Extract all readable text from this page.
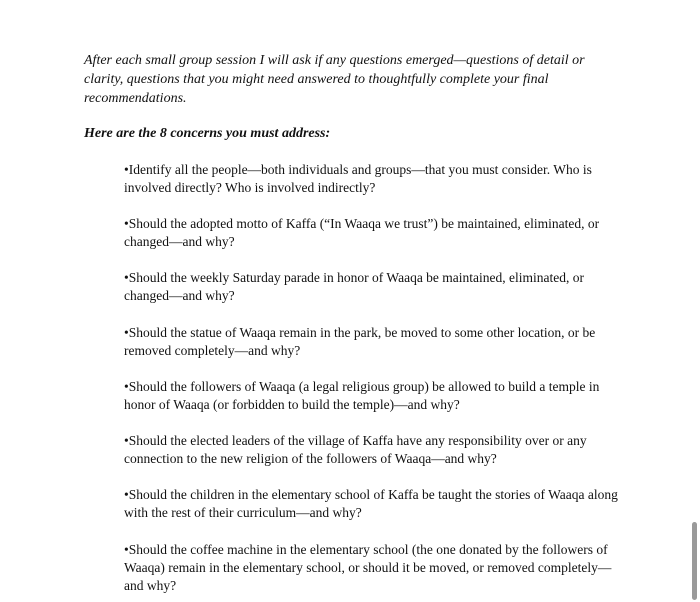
After each small group session I will ask if any questions emerged—questions of detail or clarity, questions that you might need answered to thoughtfully complete your final recommendations.

Here are the 8 concerns you must address:

•Identify all the people—both individuals and groups—that you must consider. Who is involved directly? Who is involved indirectly?

•Should the adopted motto of Kaffa (“In Waaqa we trust”) be maintained, eliminated, or changed—and why?

•Should the weekly Saturday parade in honor of Waaqa be maintained, eliminated, or changed—and why?

•Should the statue of Waaqa remain in the park, be moved to some other location, or be removed completely—and why?

•Should the followers of Waaqa (a legal religious group) be allowed to build a temple in honor of Waaqa (or forbidden to build the temple)—and why?

•Should the elected leaders of the village of Kaffa have any responsibility over or any connection to the new religion of the followers of Waaqa—and why?

•Should the children in the elementary school of Kaffa be taught the stories of Waaqa along with the rest of their curriculum—and why?

•Should the coffee machine in the elementary school (the one donated by the followers of Waaqa) remain in the elementary school, or should it be moved, or removed completely—and why?
